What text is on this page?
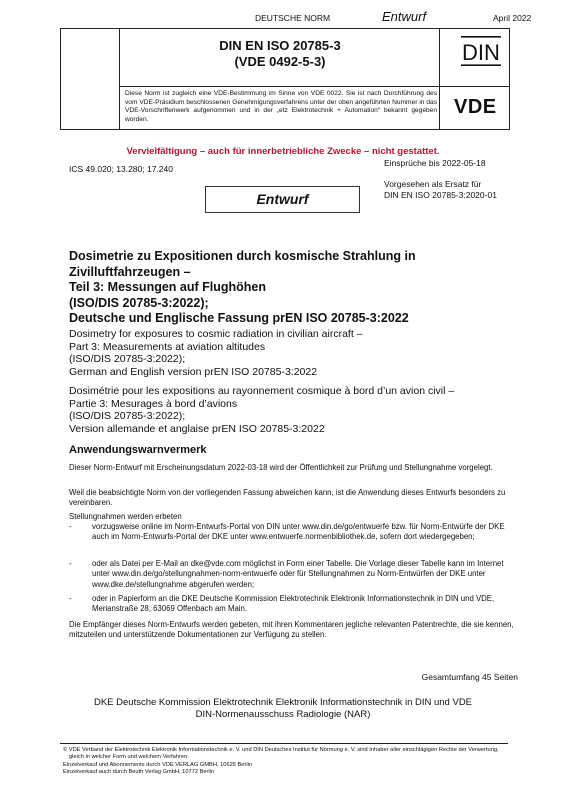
DEUTSCHE NORM	Entwurf	April 2022
DIN EN ISO 20785-3
(VDE 0492-5-3)
Diese Norm ist zugleich eine VDE-Bestimmung im Sinne von VDE 0022. Sie ist nach Durchführung des vom VDE-Präsidium beschlossenen Genehmigungsverfahrens unter der oben angeführten Nummer in das VDE-Vorschriftenwerk aufgenommen und in der „etz Elektrotechnik + Automation“ bekannt gegeben worden.
DIN
VDE
Vervielfältigung – auch für innerbetriebliche Zwecke – nicht gestattet.
Einsprüche bis 2022-05-18
ICS 49.020; 13.280; 17.240
Vorgesehen als Ersatz für
DIN EN ISO 20785-3:2020-01
Entwurf
Dosimetrie zu Expositionen durch kosmische Strahlung in
Zivilluftfahrzeugen –
Teil 3: Messungen auf Flughöhen
(ISO/DIS 20785-3:2022);
Deutsche und Englische Fassung prEN ISO 20785-3:2022
Dosimetry for exposures to cosmic radiation in civilian aircraft –
Part 3: Measurements at aviation altitudes
(ISO/DIS 20785-3:2022);
German and English version prEN ISO 20785-3:2022
Dosimétrie pour les expositions au rayonnement cosmique à bord d’un avion civil –
Partie 3: Mesurages à bord d’avions
(ISO/DIS 20785-3:2022);
Version allemande et anglaise prEN ISO 20785-3:2022
Anwendungswarnvermerk
Dieser Norm-Entwurf mit Erscheinungsdatum 2022-03-18 wird der Öffentlichkeit zur Prüfung und Stellungnahme vorgelegt.
Weil die beabsichtigte Norm von der vorliegenden Fassung abweichen kann, ist die Anwendung dieses Entwurfs besonders zu vereinbaren.
Stellungnahmen werden erbeten
-	vorzugsweise online im Norm-Entwurfs-Portal von DIN unter www.din.de/go/entwuerfe bzw. für Norm-Entwürfe der DKE auch im Norm-Entwurfs-Portal der DKE unter www.entwuerfe.normenbibliothek.de, sofern dort wiedergegeben;
-	oder als Datei per E-Mail an dke@vde.com möglichst in Form einer Tabelle. Die Vorlage dieser Tabelle kann im Internet unter www.din.de/go/stellungnahmen-norm-entwuerfe oder für Stellungnahmen zu Norm-Entwürfen der DKE unter www.dke.de/stellungnahme abgerufen werden;
-	oder in Papierform an die DKE Deutsche Kommission Elektrotechnik Elektronik Informationstechnik in DIN und VDE, Merianstraße 28, 63069 Offenbach am Main.
Die Empfänger dieses Norm-Entwurfs werden gebeten, mit ihren Kommentaren jegliche relevanten Patentrechte, die sie kennen, mitzuteilen und unterstützende Dokumentationen zur Verfügung zu stellen.
Gesamtumfang 45 Seiten
DKE Deutsche Kommission Elektrotechnik Elektronik Informationstechnik in DIN und VDE
DIN-Normenausschuss Radiologie (NAR)
© VDE Verband der Elektrotechnik Elektronik Informationstechnik e. V. und DIN Deutsches Institut für Normung e. V. sind Inhaber aller einschlägigen Rechte der Verwertung,
gleich in welcher Form und welchem Verfahren.
Einzelverkauf und Abonnements durch VDE VERLAG GMBH, 10625 Berlin
Einzelverkauf auch durch Beuth Verlag GmbH, 10772 Berlin
